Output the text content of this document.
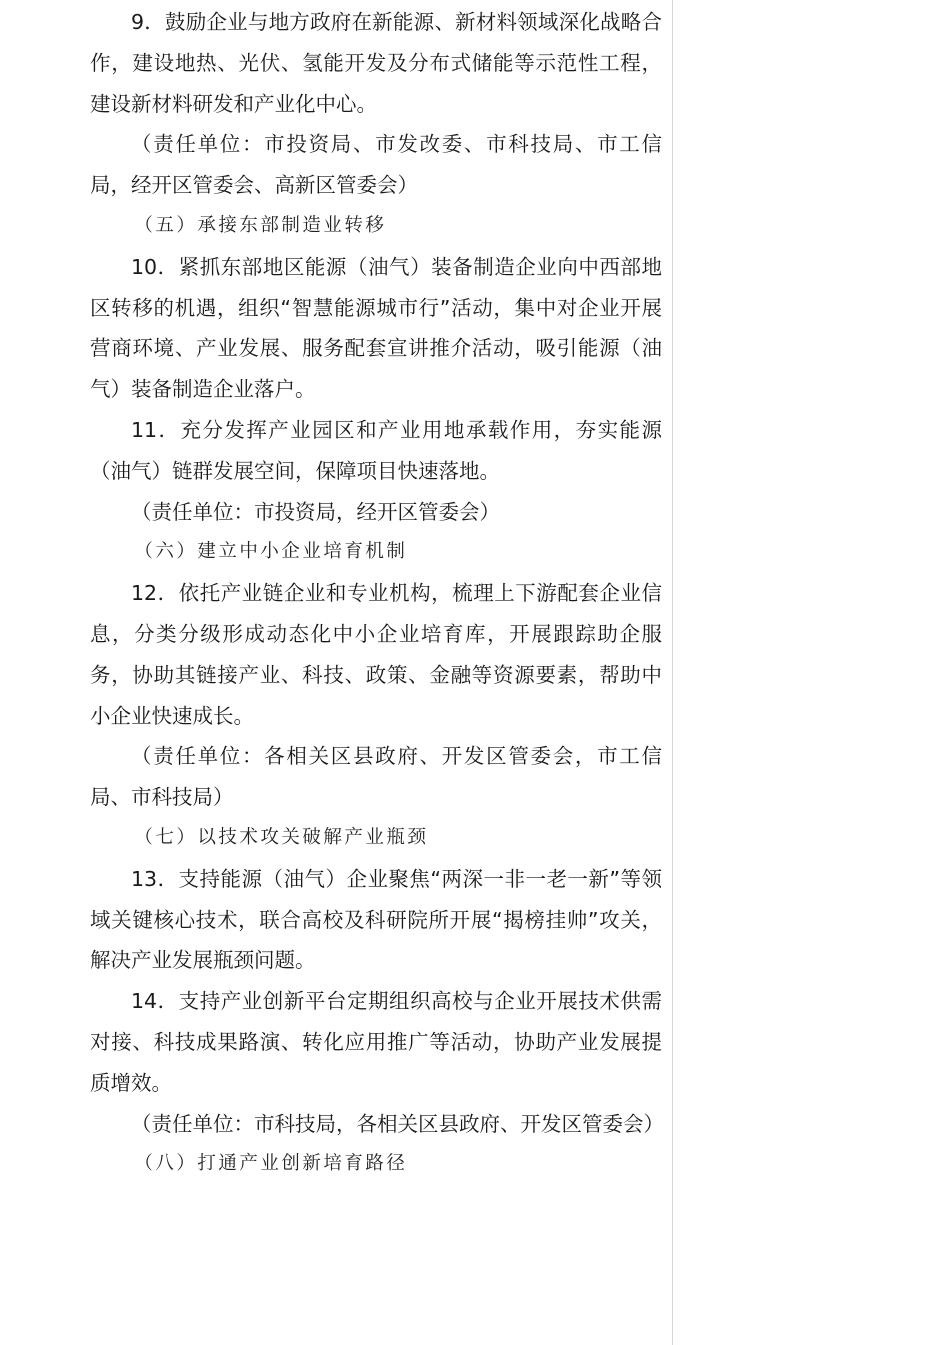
9．鼓励企业与地方政府在新能源、新材料领域深化战略合作，建设地热、光伏、氢能开发及分布式储能等示范性工程，建设新材料研发和产业化中心。

（责任单位：市投资局、市发改委、市科技局、市工信局，经开区管委会、高新区管委会）

（五）承接东部制造业转移

10．紧抓东部地区能源（油气）装备制造企业向中西部地区转移的机遇，组织“智慧能源城市行”活动，集中对企业开展营商环境、产业发展、服务配套宣讲推介活动，吸引能源（油气）装备制造企业落户。

11．充分发挥产业园区和产业用地承载作用，夯实能源（油气）链群发展空间，保障项目快速落地。

（责任单位：市投资局，经开区管委会）

（六）建立中小企业培育机制

12．依托产业链企业和专业机构，梳理上下游配套企业信息，分类分级形成动态化中小企业培育库，开展跟踪助企服务，协助其链接产业、科技、政策、金融等资源要素，帮助中小企业快速成长。

（责任单位：各相关区县政府、开发区管委会，市工信局、市科技局）

（七）以技术攻关破解产业瓶颈

13．支持能源（油气）企业聚焦“两深一非一老一新”等领域关键核心技术，联合高校及科研院所开展“揭榜挂帅”攻关，解决产业发展瓶颈问题。

14．支持产业创新平台定期组织高校与企业开展技术供需对接、科技成果路演、转化应用推广等活动，协助产业发展提质增效。

（责任单位：市科技局，各相关区县政府、开发区管委会）

（八）打通产业创新培育路径
